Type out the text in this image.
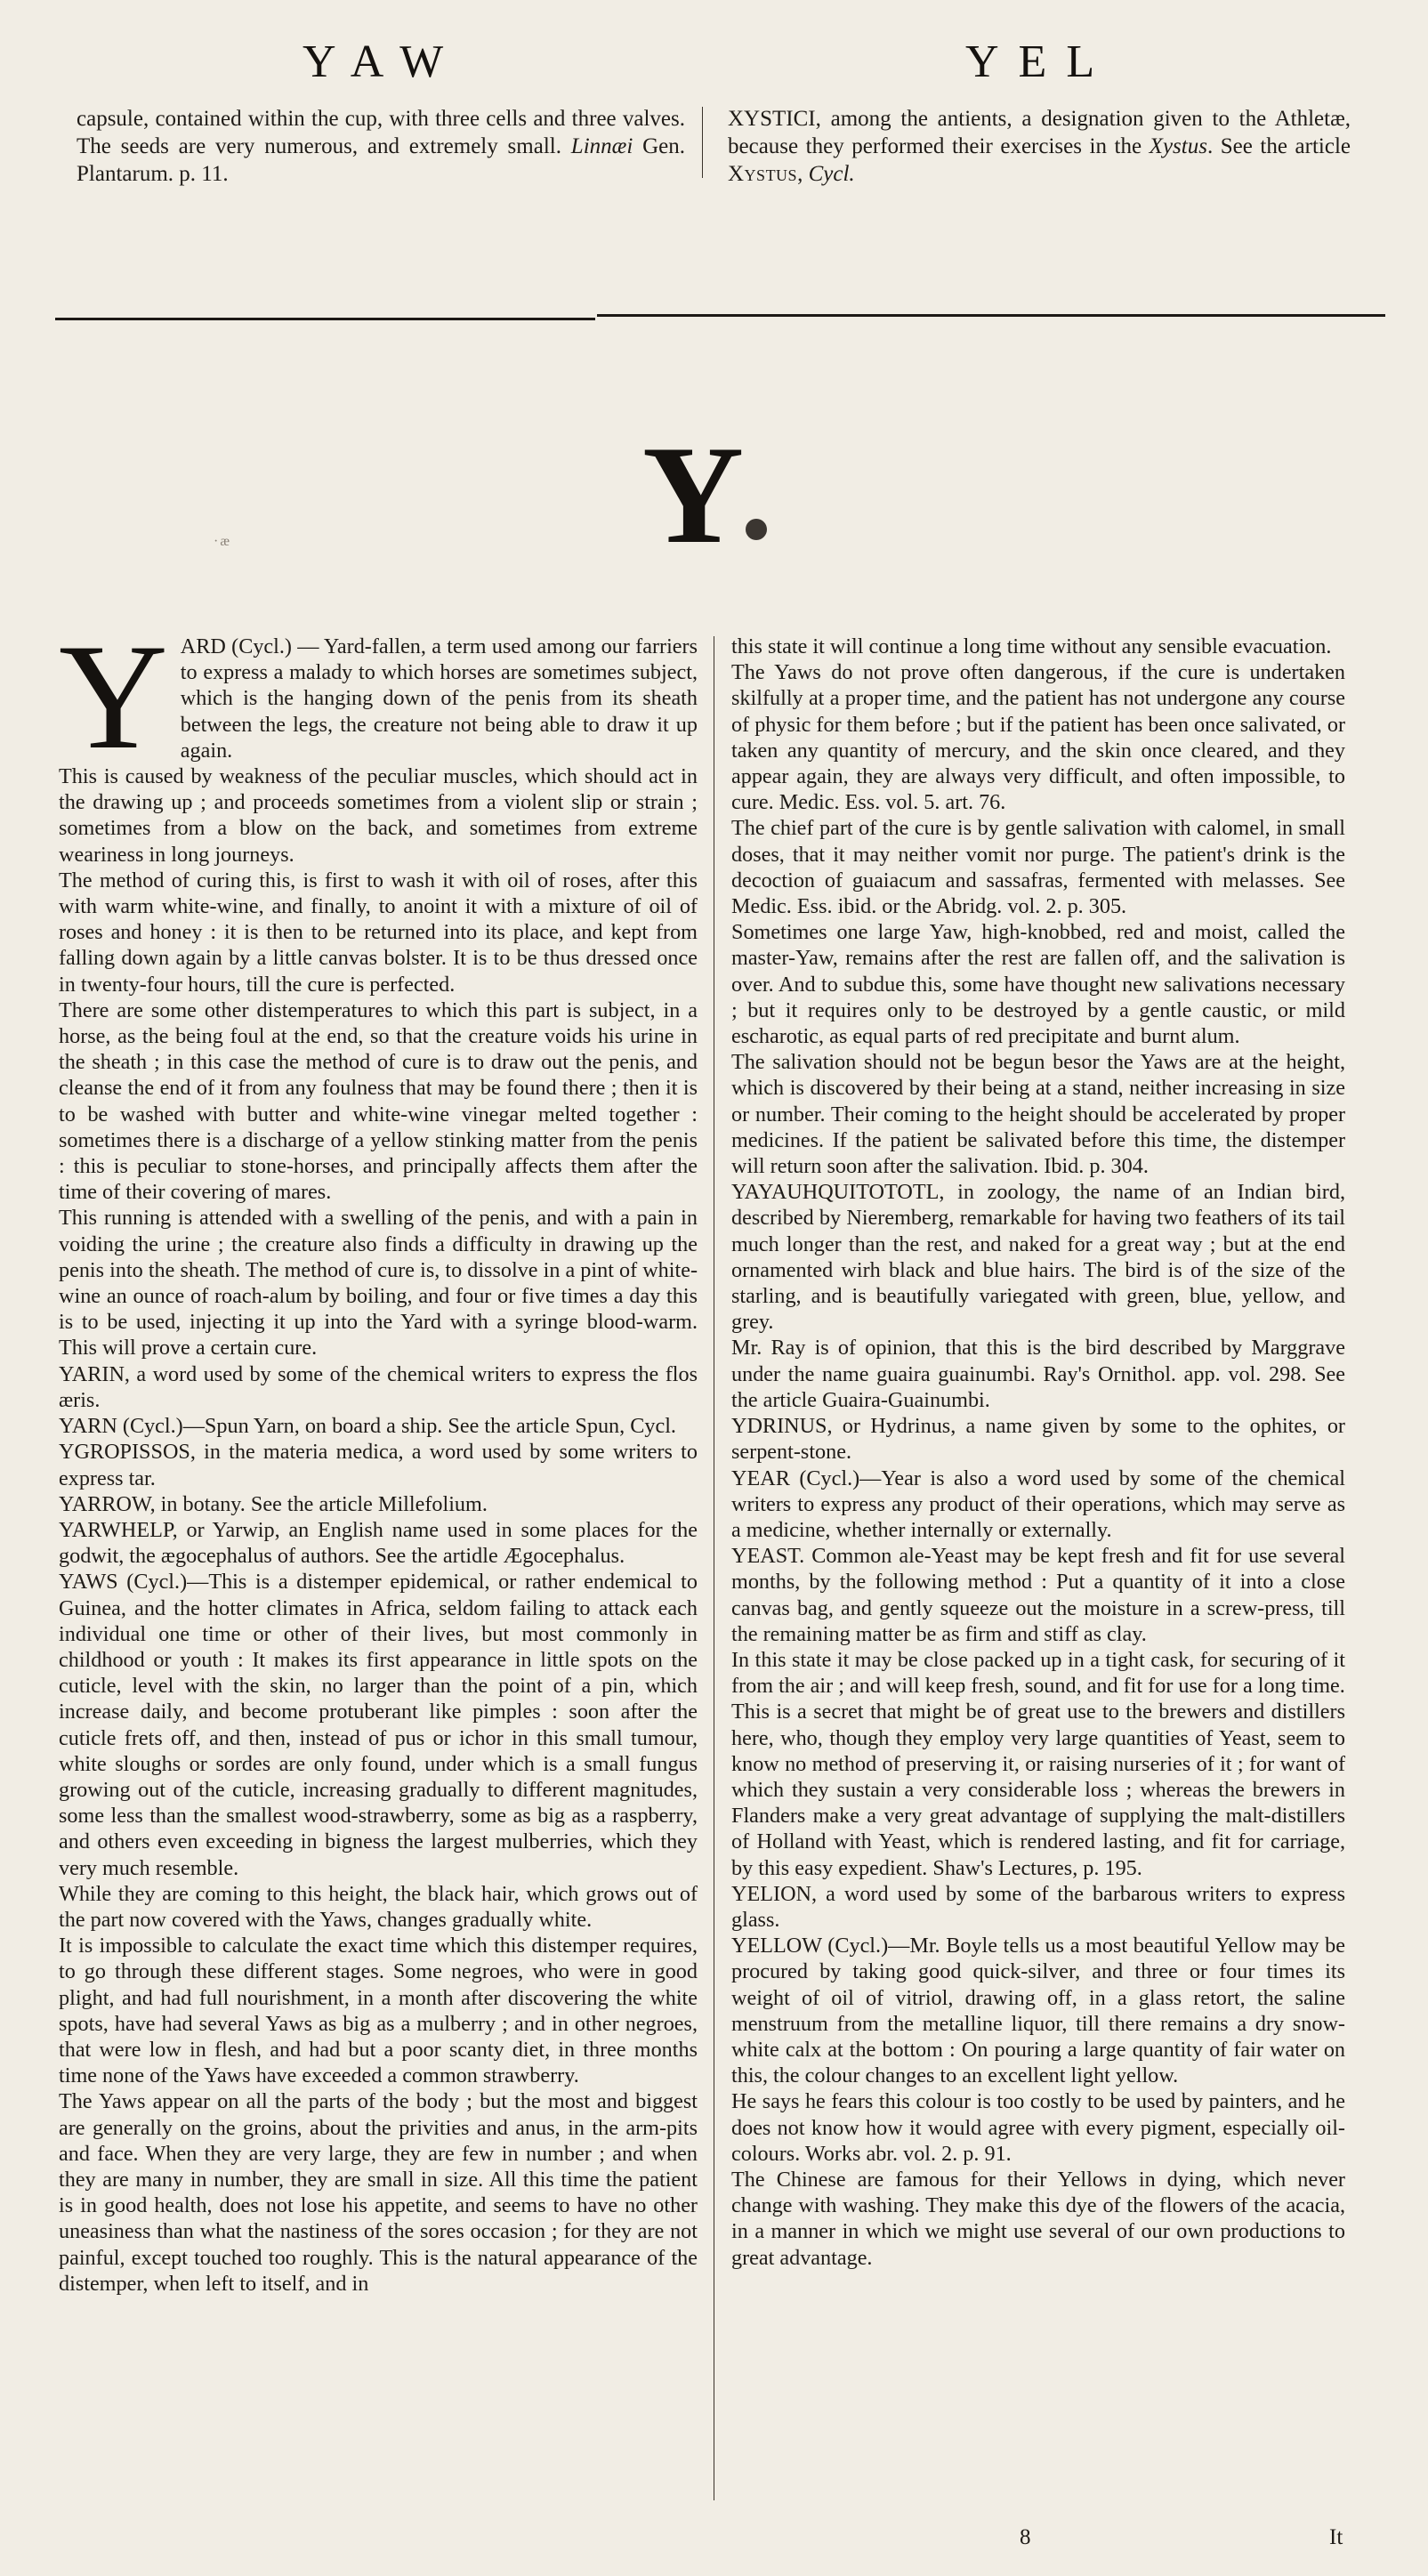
YAW	YEL
capsule, contained within the cup, with three cells and three valves. The seeds are very numerous, and extremely small. Linnæi Gen. Plantarum. p. 11.
XYSTICI, among the antients, a designation given to the Athletæ, because they performed their exercises in the Xystus. See the article Xystus, Cycl.
·æ	Y

YARD (Cycl.) — Yard-fallen, a term used among our farriers to express a malady to which horses are sometimes subject, which is the hanging down of the penis from its sheath between the legs, the creature not being able to draw it up again.

This is caused by weakness of the peculiar muscles, which should act in the drawing up ; and proceeds sometimes from a violent slip or strain ; sometimes from a blow on the back, and sometimes from extreme weariness in long journeys.

The method of curing this, is first to wash it with oil of roses, after this with warm white-wine, and finally, to anoint it with a mixture of oil of roses and honey : it is then to be returned into its place, and kept from falling down again by a little canvas bolster. It is to be thus dressed once in twenty-four hours, till the cure is perfected.

There are some other distemperatures to which this part is subject, in a horse, as the being foul at the end, so that the creature voids his urine in the sheath ; in this case the method of cure is to draw out the penis, and cleanse the end of it from any foulness that may be found there ; then it is to be washed with butter and white-wine vinegar melted together : sometimes there is a discharge of a yellow stinking matter from the penis : this is peculiar to stone-horses, and principally affects them after the time of their covering of mares.

This running is attended with a swelling of the penis, and with a pain in voiding the urine ; the creature also finds a difficulty in drawing up the penis into the sheath. The method of cure is, to dissolve in a pint of white-wine an ounce of roach-alum by boiling, and four or five times a day this is to be used, injecting it up into the Yard with a syringe blood-warm. This will prove a certain cure.

YARIN, a word used by some of the chemical writers to express the flos æris.

YARN (Cycl.)—Spun Yarn, on board a ship. See the article Spun, Cycl.

YGROPISSOS, in the materia medica, a word used by some writers to express tar.

YARROW, in botany. See the article Millefolium.

YARWHELP, or Yarwip, an English name used in some places for the godwit, the ægocephalus of authors. See the artidle Ægocephalus.

YAWS (Cycl.)—This is a distemper epidemical, or rather endemical to Guinea, and the hotter climates in Africa, seldom failing to attack each individual one time or other of their lives, but most commonly in childhood or youth : It makes its first appearance in little spots on the cuticle, level with the skin, no larger than the point of a pin, which increase daily, and become protuberant like pimples : soon after the cuticle frets off, and then, instead of pus or ichor in this small tumour, white sloughs or sordes are only found, under which is a small fungus growing out of the cuticle, increasing gradually to different magnitudes, some less than the smallest wood-strawberry, some as big as a raspberry, and others even exceeding in bigness the largest mulberries, which they very much resemble.

While they are coming to this height, the black hair, which grows out of the part now covered with the Yaws, changes gradually white.

It is impossible to calculate the exact time which this distemper requires, to go through these different stages. Some negroes, who were in good plight, and had full nourishment, in a month after discovering the white spots, have had several Yaws as big as a mulberry ; and in other negroes, that were low in flesh, and had but a poor scanty diet, in three months time none of the Yaws have exceeded a common strawberry.

The Yaws appear on all the parts of the body ; but the most and biggest are generally on the groins, about the privities and anus, in the arm-pits and face. When they are very large, they are few in number ; and when they are many in number, they are small in size. All this time the patient is in good health, does not lose his appetite, and seems to have no other uneasiness than what the nastiness of the sores occasion ; for they are not painful, except touched too roughly. This is the natural appearance of the distemper, when left to itself, and in

this state it will continue a long time without any sensible evacuation.

The Yaws do not prove often dangerous, if the cure is undertaken skilfully at a proper time, and the patient has not undergone any course of physic for them before ; but if the patient has been once salivated, or taken any quantity of mercury, and the skin once cleared, and they appear again, they are always very difficult, and often impossible, to cure. Medic. Ess. vol. 5. art. 76.

The chief part of the cure is by gentle salivation with calomel, in small doses, that it may neither vomit nor purge. The patient's drink is the decoction of guaiacum and sassafras, fermented with melasses. See Medic. Ess. ibid. or the Abridg. vol. 2. p. 305.

Sometimes one large Yaw, high-knobbed, red and moist, called the master-Yaw, remains after the rest are fallen off, and the salivation is over. And to subdue this, some have thought new salivations necessary ; but it requires only to be destroyed by a gentle caustic, or mild escharotic, as equal parts of red precipitate and burnt alum.

The salivation should not be begun besor the Yaws are at the height, which is discovered by their being at a stand, neither increasing in size or number. Their coming to the height should be accelerated by proper medicines. If the patient be salivated before this time, the distemper will return soon after the salivation. Ibid. p. 304.

YAYAUHQUITOTOTL, in zoology, the name of an Indian bird, described by Nieremberg, remarkable for having two feathers of its tail much longer than the rest, and naked for a great way ; but at the end ornamented wirh black and blue hairs. The bird is of the size of the starling, and is beautifully variegated with green, blue, yellow, and grey.

Mr. Ray is of opinion, that this is the bird described by Marggrave under the name guaira guainumbi. Ray's Ornithol. app. vol. 298. See the article Guaira-Guainumbi.

YDRINUS, or Hydrinus, a name given by some to the ophites, or serpent-stone.

YEAR (Cycl.)—Year is also a word used by some of the chemical writers to express any product of their operations, which may serve as a medicine, whether internally or externally.

YEAST. Common ale-Yeast may be kept fresh and fit for use several months, by the following method : Put a quantity of it into a close canvas bag, and gently squeeze out the moisture in a screw-press, till the remaining matter be as firm and stiff as clay.

In this state it may be close packed up in a tight cask, for securing of it from the air ; and will keep fresh, sound, and fit for use for a long time.

This is a secret that might be of great use to the brewers and distillers here, who, though they employ very large quantities of Yeast, seem to know no method of preserving it, or raising nurseries of it ; for want of which they sustain a very considerable loss ; whereas the brewers in Flanders make a very great advantage of supplying the malt-distillers of Holland with Yeast, which is rendered lasting, and fit for carriage, by this easy expedient. Shaw's Lectures, p. 195.

YELION, a word used by some of the barbarous writers to express glass.

YELLOW (Cycl.)—Mr. Boyle tells us a most beautiful Yellow may be procured by taking good quick-silver, and three or four times its weight of oil of vitriol, drawing off, in a glass retort, the saline menstruum from the metalline liquor, till there remains a dry snow-white calx at the bottom : On pouring a large quantity of fair water on this, the colour changes to an excellent light yellow.

He says he fears this colour is too costly to be used by painters, and he does not know how it would agree with every pigment, especially oil-colours. Works abr. vol. 2. p. 91.

The Chinese are famous for their Yellows in dying, which never change with washing. They make this dye of the flowers of the acacia, in a manner in which we might use several of our own productions to great advantage.

8	It
